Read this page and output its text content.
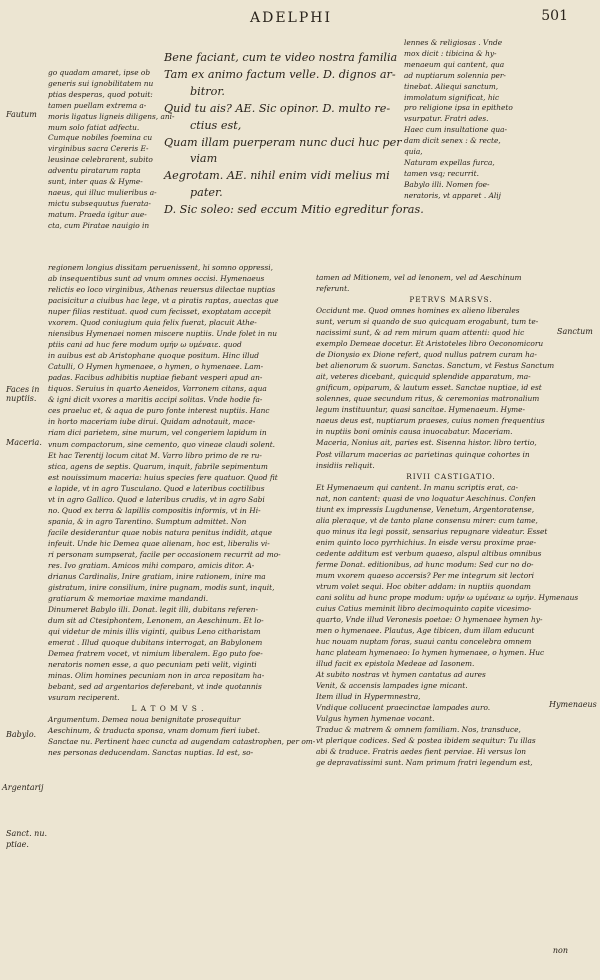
ADELPHI	501
go quadam amaret, ipse ob
generis sui ignobilitatem nu
ptias desperas, quod potuit:
tamen puellam extrema a-
moris ligatus ligneis diligens, ani-
mum solo fatiat adfectu.
Cumque nobiles foemina cu
virginibus sacra Cereris E-
leusinae celebrarent, subito
adventu piratarum rapta
sunt, inter quas & Hyme-
naeus, qui illuc mulieribus a-
mictu subsequutus fuerata-
matum. Praeda igitur aue-
cta, cum Piratae nauigio in
Bene faciant, cum te video nostra familia
Tam ex animo factum velle. D. dignos ar-
bitror.
Quid tu ais? AE. Sic opinor. D. multo re-
ctius est,
Quam illam puerperam nunc duci huc per
viam
Aegrotam. AE. nihil enim vidi melius mi
pater.
D. Sic soleo: sed eccum Mitio egreditur foras.
lennes & religiosas . Vnde
mox dicit : tibicina & hy-
menaeum qui cantent, qua
ad nuptiarum solennia per-
tinebat. Aliequi sanctum,
immolatum significat, hic
pro religione ipsa in epitheto
vsurpatur. Fratri ades.
Haec cum insultatione qua-
dam dicit senex : & recte,
quia,
Naturam expellas furca,
tamen vsq; recurrit.
Babylo illi. Nomen foe-
neratoris, vt apparet . Alij
regionem longius dissitam peruenissent, hi somno oppressi,
ab insequentibus sunt ad vnum omnes occisi. Hymenaeus
relictis eo loco virginibus, Athenas reuersus dilectae nuptias
pacisicitur a ciuibus hac lege, vt a piratis raptas, auectas que
nuper filias restituat. quod cum fecisset, exoptatam accepit
vxorem. Quod coniugium quia felix fuerat, placuit Athe-
niensibus Hymenaei nomen miscere nuptiis. Unde folet in nu
ptiis cani ad huc fere modum υμήν ω υμέναιε. quod
in auibus est ab Aristophane quoque positum. Hinc illud
Catulli, O Hymen hymenaee, o hymen, o hymenaee. Lam-
padas. Facibus adhibitis nuptiae fiebant vesperi apud an-
tiquos. Seruius in quarto Aeneidos, Varronem citans, aqua
& igni dicit vxores a maritis accipi solitas. Vnde hodie fa-
ces praeluc et, & aqua de puro fonte interest nuptiis. Hanc
in horto maceriam iube dirui. Quidam adnotauit, mace-
riam dici parietem, sine murum, vel congeriem lapidum in
vnum compactorum, sine cemento, quo vineae claudi solent.
Et hac Terentij locum citat M. Varro libro primo de re ru-
stica, agens de septis. Quarum, inquit, fabrile sepimentum
est nouissimum maceria: huius species fere quatuor. Quod fit
e lapide, vt in agro Tusculano. Quod e lateribus coctilibus
vt in agro Gallico. Quod e lateribus crudis, vt in agro Sabi
no. Quod ex terra & lapillis compositis informis, vt in Hi-
spania, & in agro Tarentino. Sumptum admittet. Non
facile desiderantur quae nobis natura penitus indidit, atque
infeuit. Unde hic Demea quae alienam, hoc est, liberalis vi-
ri personam sumpserat, facile per occasionem recurrit ad mo-
res. Ivo gratiam. Amicos mihi comparo, amicis ditor. A-
drianus Cardinalis, Inire gratiam, inire rationem, inire ma
gistratum, inire consilium, inire pugnam, modis sunt, inquit,
gratiarum & memoriae maxime mandandi.
Dinumeret Babylo illi. Donat. legit illi, dubitans referen-
dum sit ad Ctesiphontem, Lenonem, an Aeschinum. Et lo-
qui videtur de minis illis viginti, quibus Leno citharistam
emerat . Illud quoque dubitans interrogat, an Babylonem
Demea fratrem vocet, vt nimium liberalem. Ego puto foe-
neratoris nomen esse, a quo pecuniam peti velit, viginti
minas. Olim homines pecuniam non in arca repositam ha-
bebant, sed ad argentarios deferebant, vt inde quotannis
vsuram reciperent.
L A T O M V S .
Argumentum. Demea noua benignitate prosequitur
Aeschinum, & traducta sponsa, vnam domum fieri iubet.
Sanctae nu. Pertinent haec cuncta ad augendam catastrophen, per om-
nes personas deducendam. Sanctas nuptias. Id est, so-
tamen ad Mitionem, vel ad lenonem, vel ad Aeschinum
referunt.
PETRVS MARSVS.
Occidunt me. Quod omnes homines ex alieno liberales
sunt, verum si quando de suo quicquam erogabunt, tum te-
nacissimi sunt, & ad rem mirum quam attenti: quod hic
exemplo Demeae docetur. Et Aristoteles libro Oeconomicoru
de Dionysio ex Dione refert, quod nullus patrem curam ha-
bet alienorum & suorum. Sanctas. Sanctum, vt Festus Sanctum
ait, veteres dicebant, quicquid splendide apparatum, ma-
gnificum, opiparum, & lautum esset. Sanctae nuptiae, id est
solennes, quae secundum ritus, & ceremonias matronalium
legum instituuntur, quasi sancitae. Hymenaeum. Hyme-
naeus deus est, nuptiarum praeses, cuius nomen frequentius
in nuptiis boni ominis causa inuocabatur. Maceriam.
Maceria, Nonius ait, paries est. Sisenna histor. libro tertio,
Post villarum macerias ac parietinas quinque cohortes in
insidiis reliquit.
RIVII CASTIGATIO.
Et Hymenaeum qui cantent. In manu scriptis erat, ca-
nat, non cantent: quasi de vno loquatur Aeschinus. Confen
tiunt ex impressis Lugdunense, Venetum, Argentoratense,
alia pleraque, vt de tanto plane consensu mirer: cum tame,
quo minus ita legi possit, sensarius repugnare videatur. Esset
enim quinto loco pyrrhichius. In eisde versu proxime prae-
cedente additum est verbum quaeso, alspul altibus omnibus
ferme Donat. editionibus, ad hunc modum: Sed cur no do-
mum vxorem quaeso accersis? Per me integrum sit lectori
vtrum volet sequi. Hoc obiter addam: in nuptiis quondam
cani solitu ad hunc prope modum: υμήν ω υμέναιε ω υμήν. Hymenaus
cuius Catius meminit libro decimoquinto capite vicesimo-
quarto, Vnde illud Veronesis poetae: O hymenaee hymen hy-
men o hymenaee. Plautus, Age tibicen, dum illam educunt
huc nouam nuptam foras, suaui cantu concelebra omnem
hanc plateam hymenaeo: Io hymen hymenaee, o hymen. Huc
illud facit ex epistola Medeae ad Iasonem.
At subito nostras vt hymen cantatus ad aures
Venit, & accensis lampades igne micant.
Item illud in Hypermnestra,
Vndique collucent praecinctae lampades auro.
Vulgus hymen hymenae vocant.
Traduc & matrem & omnem familiam. Nos, transduce,
vt plerique codices. Sed & postea ibidem sequitur: Tu illas
abi & traduce. Fratris aedes fient perviae. Hi versus lon
ge depravatissimi sunt. Nam primum fratri legendum est,
Fautum
Faces in nuptiis.
Maceria.
Babylo.
Argentarij
Sanct. nu.
ptiae.
Sanctum
Hymenaeus
non
